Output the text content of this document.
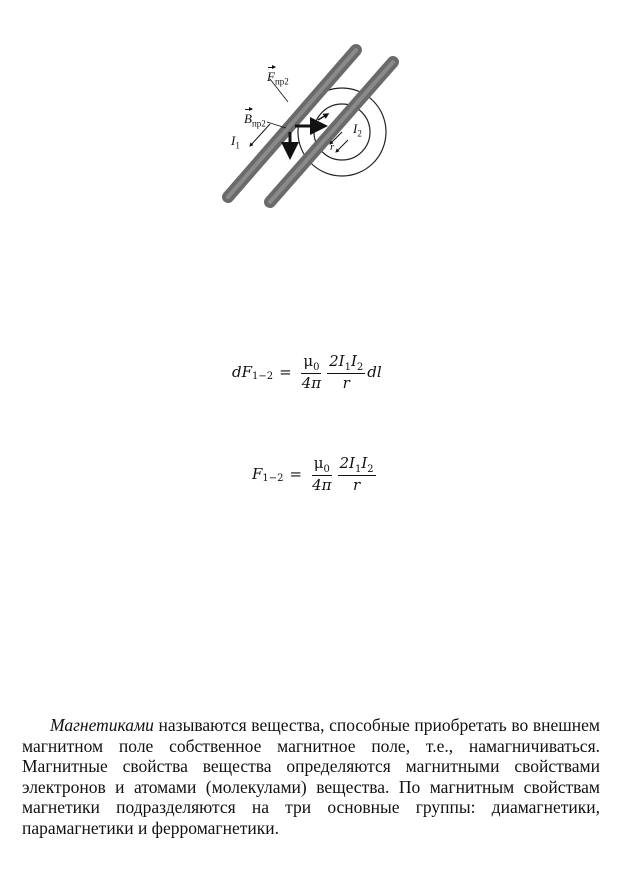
$F_{пр2}$
$B_{пр2}$
$I_1$
$I_2$
r
dF $1-2 = \frac{\mu_0}{4\pi} \frac{2I_1I_2}{r}$ dl
F $1-2 = \frac{\mu_0}{4\pi} \frac{2I_1I_2}{r}$

Магнетиками называются вещества, способные приобретать во внешнем магнитном поле собственное магнитное поле, т.е., намагничиваться. Магнитные свойства вещества определяются магнитными свойствами электронов и атомами (молекулами) вещества. По магнитным свойствам магнетики подразделяются на три основные группы: диамагнетики, парамагнетики и ферромагнетики.
